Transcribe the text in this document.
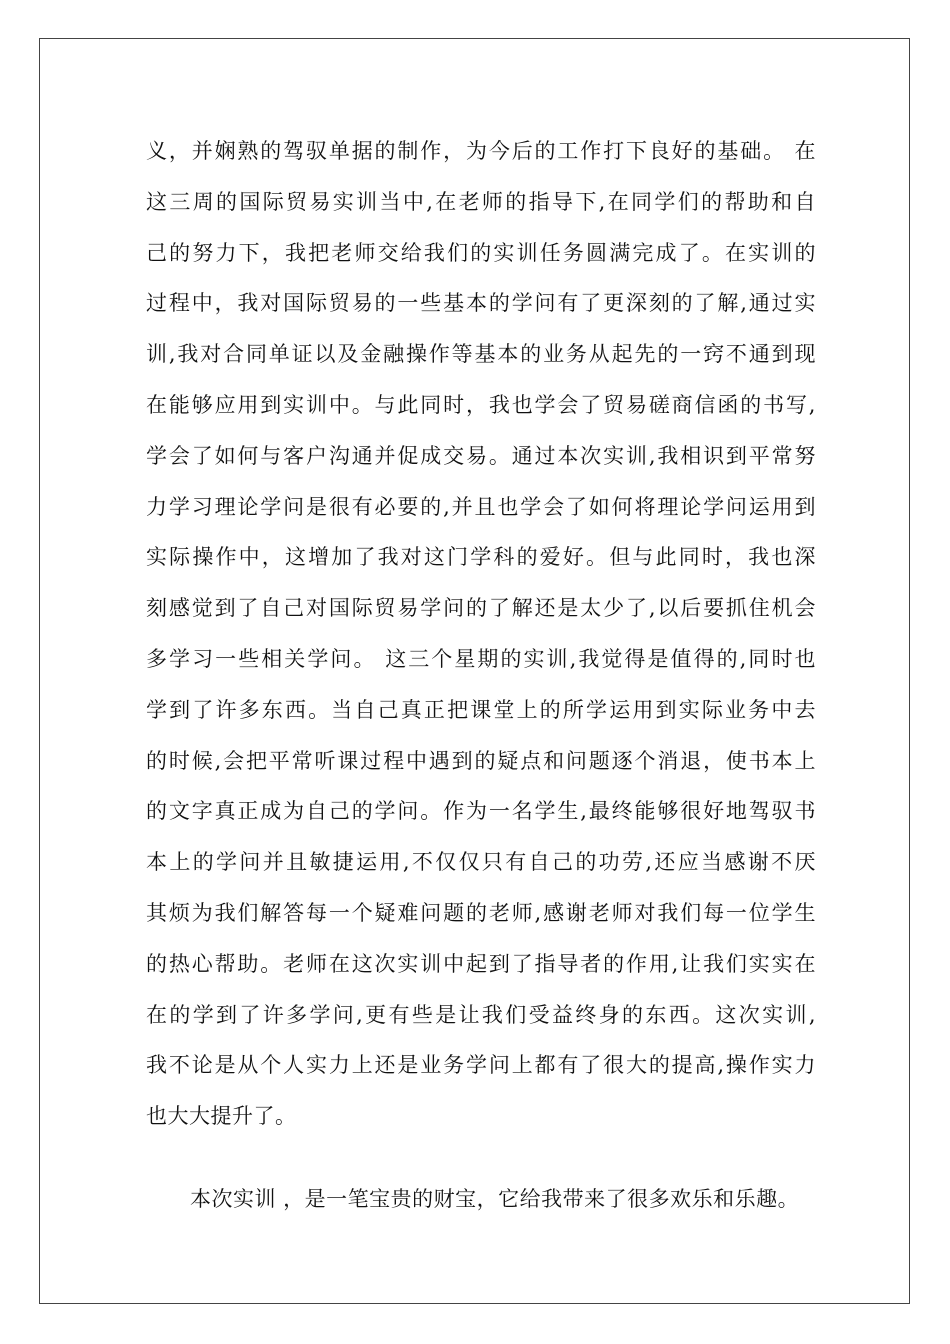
义，并娴熟的驾驭单据的制作，为今后的工作打下良好的基础。 在
这三周的国际贸易实训当中,在老师的指导下,在同学们的帮助和自
己的努力下，我把老师交给我们的实训任务圆满完成了。在实训的
过程中，我对国际贸易的一些基本的学问有了更深刻的了解,通过实
训,我对合同单证以及金融操作等基本的业务从起先的一窍不通到现
在能够应用到实训中。与此同时，我也学会了贸易磋商信函的书写,
学会了如何与客户沟通并促成交易。通过本次实训,我相识到平常努
力学习理论学问是很有必要的,并且也学会了如何将理论学问运用到
实际操作中，这增加了我对这门学科的爱好。但与此同时，我也深
刻感觉到了自己对国际贸易学问的了解还是太少了,以后要抓住机会
多学习一些相关学问。 这三个星期的实训,我觉得是值得的,同时也
学到了许多东西。当自己真正把课堂上的所学运用到实际业务中去
的时候,会把平常听课过程中遇到的疑点和问题逐个消退，使书本上
的文字真正成为自己的学问。作为一名学生,最终能够很好地驾驭书
本上的学问并且敏捷运用,不仅仅只有自己的功劳,还应当感谢不厌
其烦为我们解答每一个疑难问题的老师,感谢老师对我们每一位学生
的热心帮助。老师在这次实训中起到了指导者的作用,让我们实实在
在的学到了许多学问,更有些是让我们受益终身的东西。这次实训,
我不论是从个人实力上还是业务学问上都有了很大的提高,操作实力
也大大提升了。
本次实训 ，是一笔宝贵的财宝，它给我带来了很多欢乐和乐趣。
